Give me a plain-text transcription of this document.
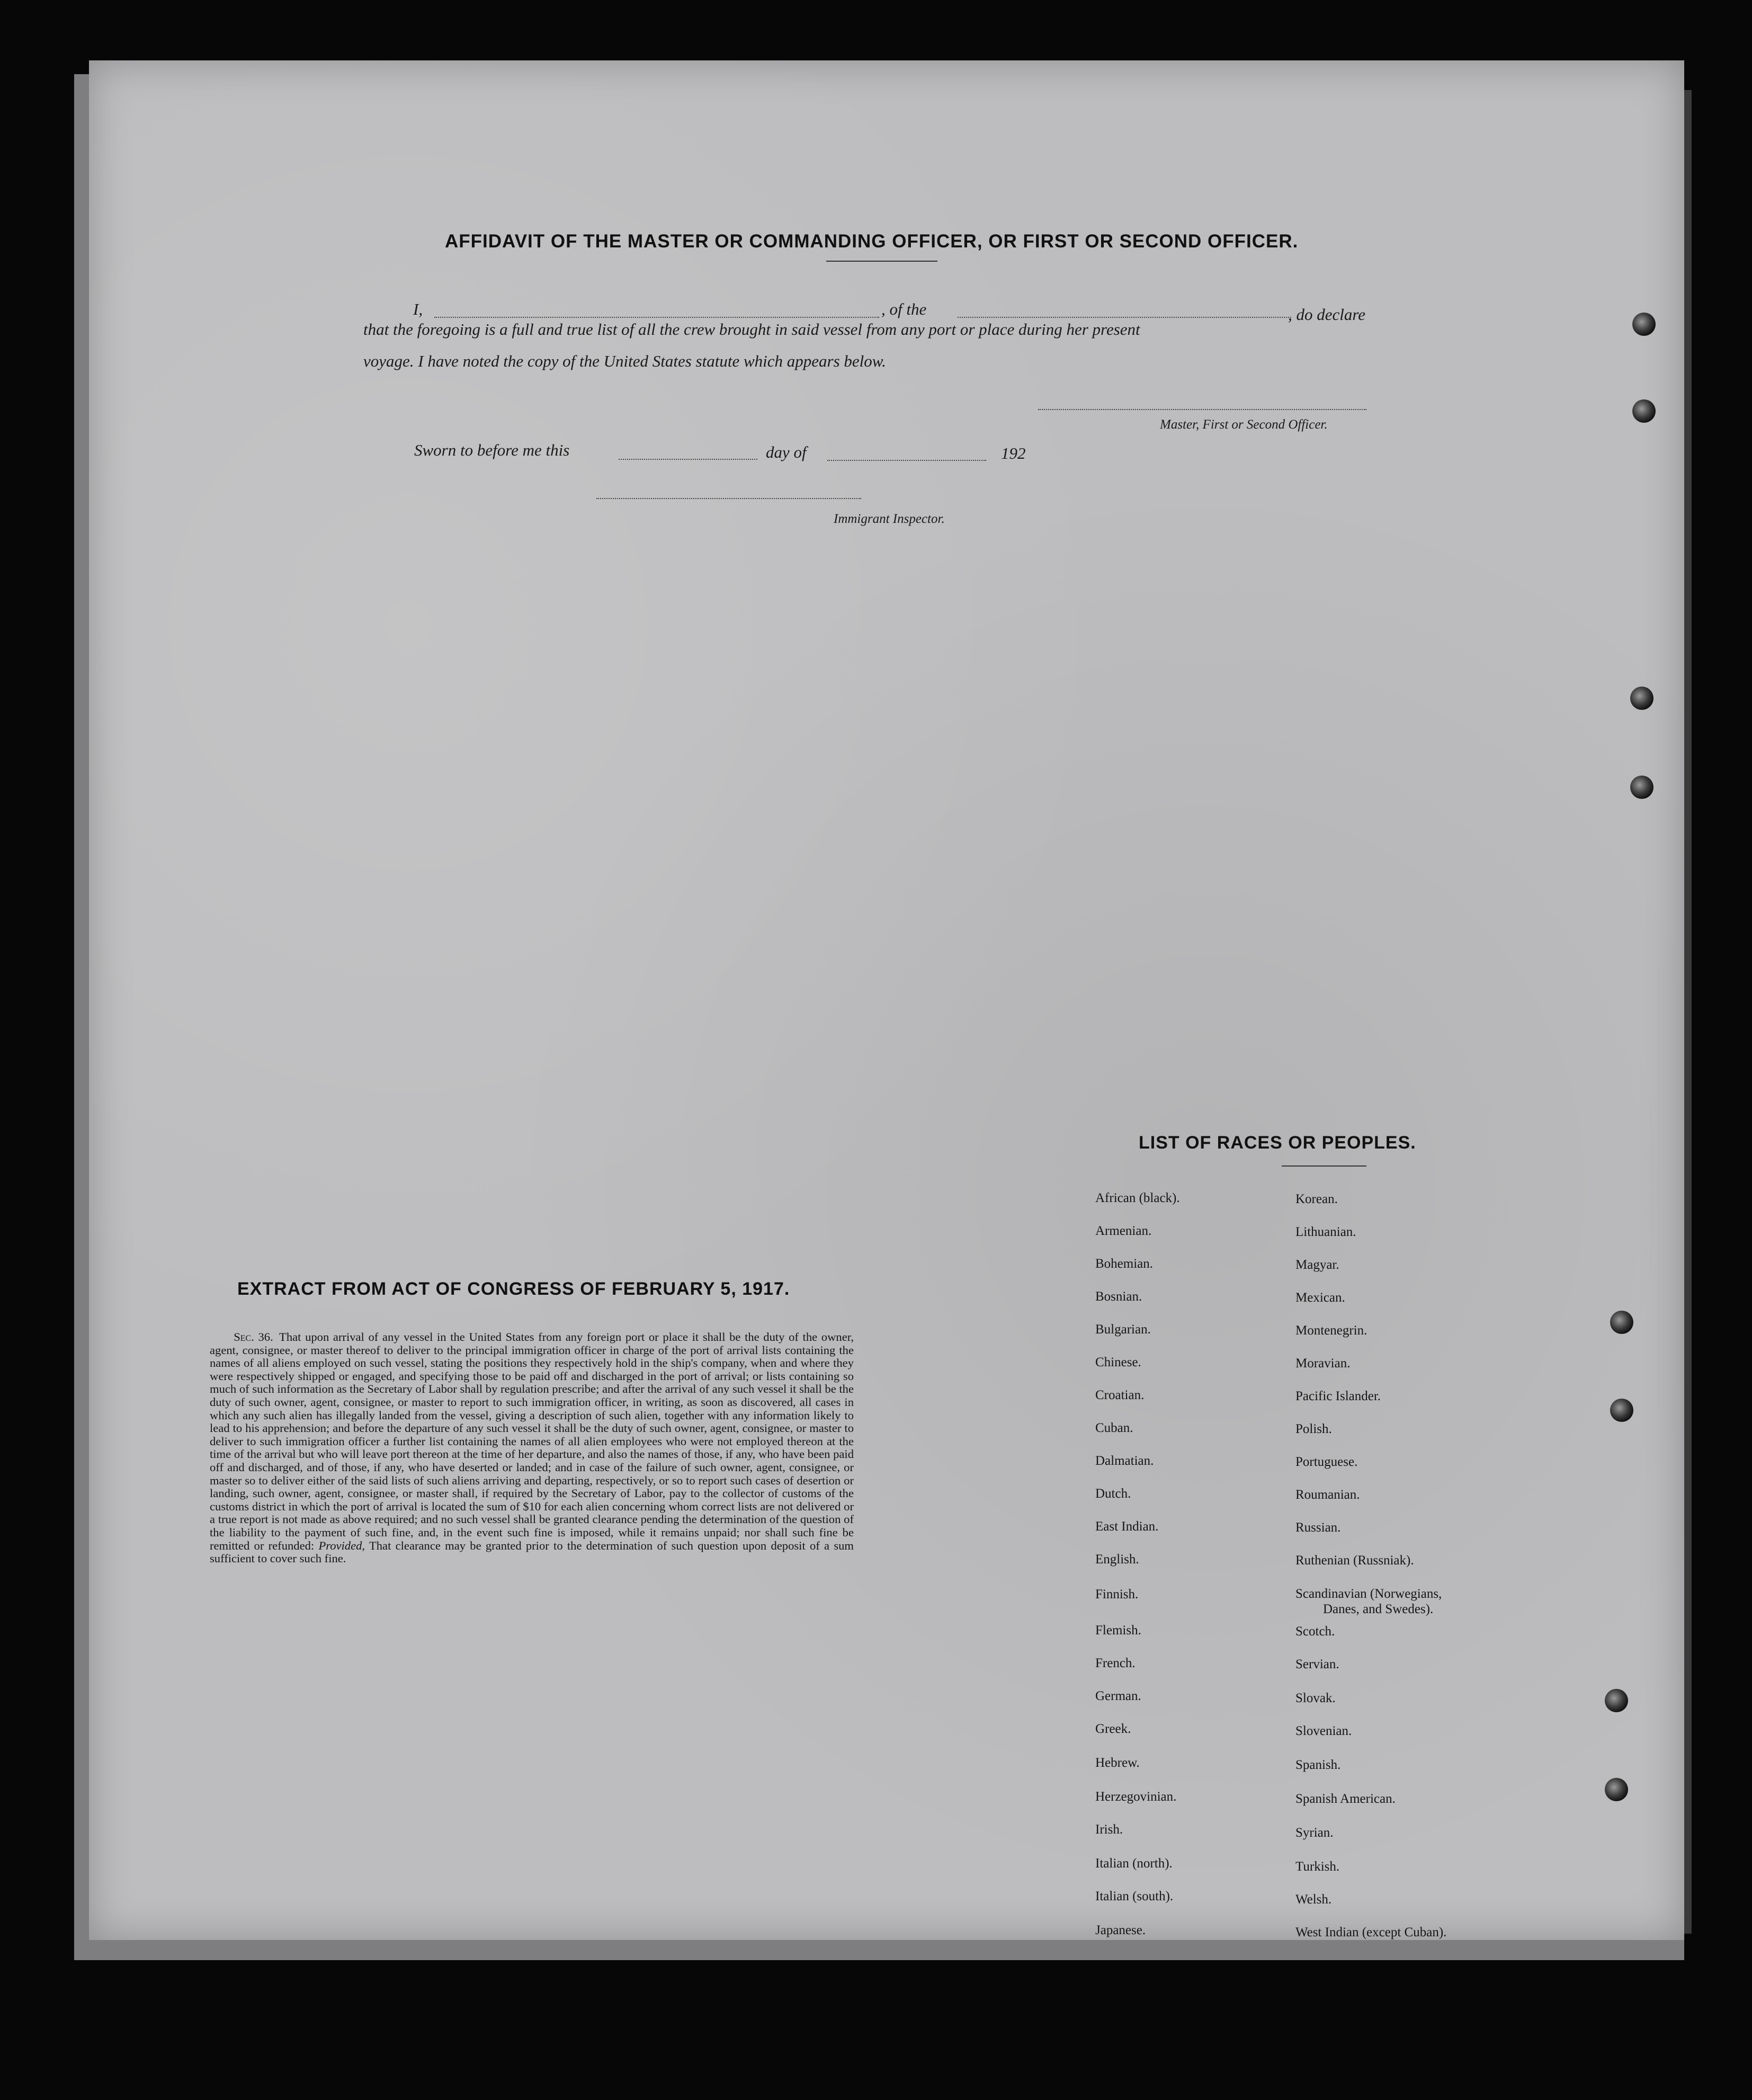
AFFIDAVIT OF THE MASTER OR COMMANDING OFFICER, OR FIRST OR SECOND OFFICER.
I,	, of the	, do declare
that the foregoing is a full and true list of all the crew brought in said vessel from any port or place during her present
voyage. I have noted the copy of the United States statute which appears below.
Master, First or Second Officer.
Sworn to before me this	day of	192
Immigrant Inspector.
EXTRACT FROM ACT OF CONGRESS OF FEBRUARY 5, 1917.
  Sec. 36.  That upon arrival of any vessel in the United States from any foreign port or place it shall be the duty of the owner, agent, consignee, or master thereof to deliver to the principal immigration officer in charge of the port of arrival lists containing the names of all aliens employed on such vessel, stating the positions they respectively hold in the ship's company, when and where they were respectively shipped or engaged, and specifying those to be paid off and discharged in the port of arrival; or lists containing so much of such information as the Secretary of Labor shall by regulation prescribe; and after the arrival of any such vessel it shall be the duty of such owner, agent, consignee, or master to report to such immigration officer, in writing, as soon as discovered, all cases in which any such alien has illegally landed from the vessel, giving a description of such alien, together with any information likely to lead to his apprehension; and before the departure of any such vessel it shall be the duty of such owner, agent, consignee, or master to deliver to such immigration officer a further list containing the names of all alien employees who were not employed thereon at the time of the arrival but who will leave port thereon at the time of her departure, and also the names of those, if any, who have been paid off and discharged, and of those, if any, who have deserted or landed; and in case of the failure of such owner, agent, consignee, or master so to deliver either of the said lists of such aliens arriving and departing, respectively, or so to report such cases of desertion or landing, such owner, agent, consignee, or master shall, if required by the Secretary of Labor, pay to the collector of customs of the customs district in which the port of arrival is located the sum of $10 for each alien concerning whom correct lists are not delivered or a true report is not made as above required; and no such vessel shall be granted clearance pending the determination of the question of the liability to the payment of such fine, and, in the event such fine is imposed, while it remains unpaid; nor shall such fine be remitted or refunded: Provided, That clearance may be granted prior to the determination of such question upon deposit of a sum sufficient to cover such fine.
LIST OF RACES OR PEOPLES.
African (black).
Armenian.
Bohemian.
Bosnian.
Bulgarian.
Chinese.
Croatian.
Cuban.
Dalmatian.
Dutch.
East Indian.
English.
Finnish.
Flemish.
French.
German.
Greek.
Hebrew.
Herzegovinian.
Irish.
Italian (north).
Italian (south).
Japanese.
Korean.
Lithuanian.
Magyar.
Mexican.
Montenegrin.
Moravian.
Pacific Islander.
Polish.
Portuguese.
Roumanian.
Russian.
Ruthenian (Russniak).
Scandinavian (Norwegians,
Danes, and Swedes).
Scotch.
Servian.
Slovak.
Slovenian.
Spanish.
Spanish American.
Syrian.
Turkish.
Welsh.
West Indian (except Cuban).
